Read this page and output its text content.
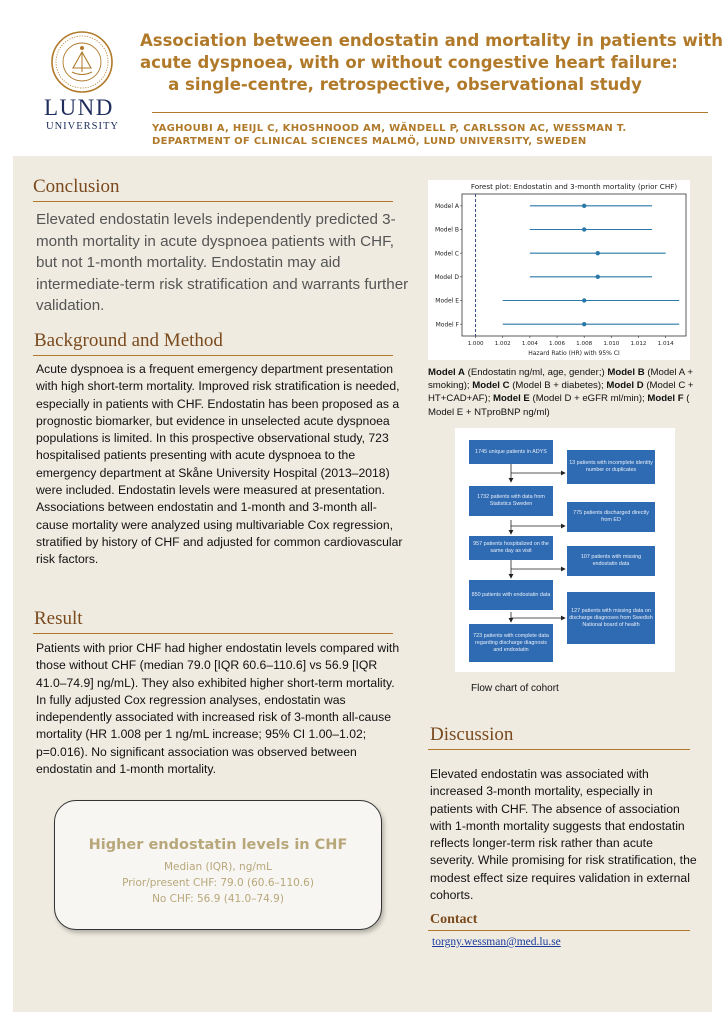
LUND
UNIVERSITY
Association between endostatin and mortality in patients with
acute dyspnoea, with or without congestive heart failure:
a single-centre, retrospective, observational study
YAGHOUBI A, HEIJL C, KHOSHNOOD AM, WÄNDELL P, CARLSSON AC, WESSMAN T.
DEPARTMENT OF CLINICAL SCIENCES MALMÖ, LUND UNIVERSITY, SWEDEN
Conclusion
Elevated endostatin levels independently predicted 3-month mortality in acute dyspnoea patients with CHF, but not 1-month mortality. Endostatin may aid intermediate-term risk stratification and warrants further validation.
Background and Method
Acute dyspnoea is a frequent emergency department presentation with high short-term mortality. Improved risk stratification is needed, especially in patients with CHF. Endostatin has been proposed as a prognostic biomarker, but evidence in unselected acute dyspnoea populations is limited. In this prospective observational study, 723 hospitalised patients presenting with acute dyspnoea to the emergency department at Skåne University Hospital (2013–2018) were included. Endostatin levels were measured at presentation. Associations between endostatin and 1-month and 3-month all-cause mortality were analyzed using multivariable Cox regression, stratified by history of CHF and adjusted for common cardiovascular risk factors.
Result
Patients with prior CHF had higher endostatin levels compared with those without CHF (median 79.0 [IQR 60.6–110.6] vs 56.9 [IQR 41.0–74.9] ng/mL). They also exhibited higher short-term mortality. In fully adjusted Cox regression analyses, endostatin was independently associated with increased risk of 3-month all-cause mortality (HR 1.008 per 1 ng/mL increase; 95% CI 1.00–1.02; p=0.016). No significant association was observed between endostatin and 1-month mortality.
Higher endostatin levels in CHF
Median (IQR), ng/mL
Prior/present CHF: 79.0 (60.6–110.6)
No CHF: 56.9 (41.0–74.9)
Forest plot: Endostatin and 3-month mortality (prior CHF)
Model A
Model B
Model C
Model D
Model E
Model F
1.000 1.002 1.004 1.006 1.008 1.010 1.012 1.014
Hazard Ratio (HR) with 95% CI
Model A (Endostatin ng/ml, age, gender;) Model B (Model A + smoking); Model C (Model B + diabetes); Model D (Model C + HT+CAD+AF); Model E (Model D + eGFR ml/min); Model F ( Model E + NTproBNP ng/ml)
1745 unique patients in ADYS
1732 patients with data from Statistics Sweden
957 patients hospitalized on the same day as visit
850 patients with endostatin data
723 patients with complete data regarding discharge diagnosis and endostatin
13 patients with incomplete identity number or duplicates
775 patients discharged directly from ED
107 patients with missing endostatin data
127 patients with missing data on discharge diagnoses from Swedish National board of health
Flow chart of cohort
Discussion
Elevated endostatin was associated with increased 3-month mortality, especially in patients with CHF. The absence of association with 1-month mortality suggests that endostatin reflects longer-term risk rather than acute severity. While promising for risk stratification, the modest effect size requires validation in external cohorts.
Contact
torgny.wessman@med.lu.se
